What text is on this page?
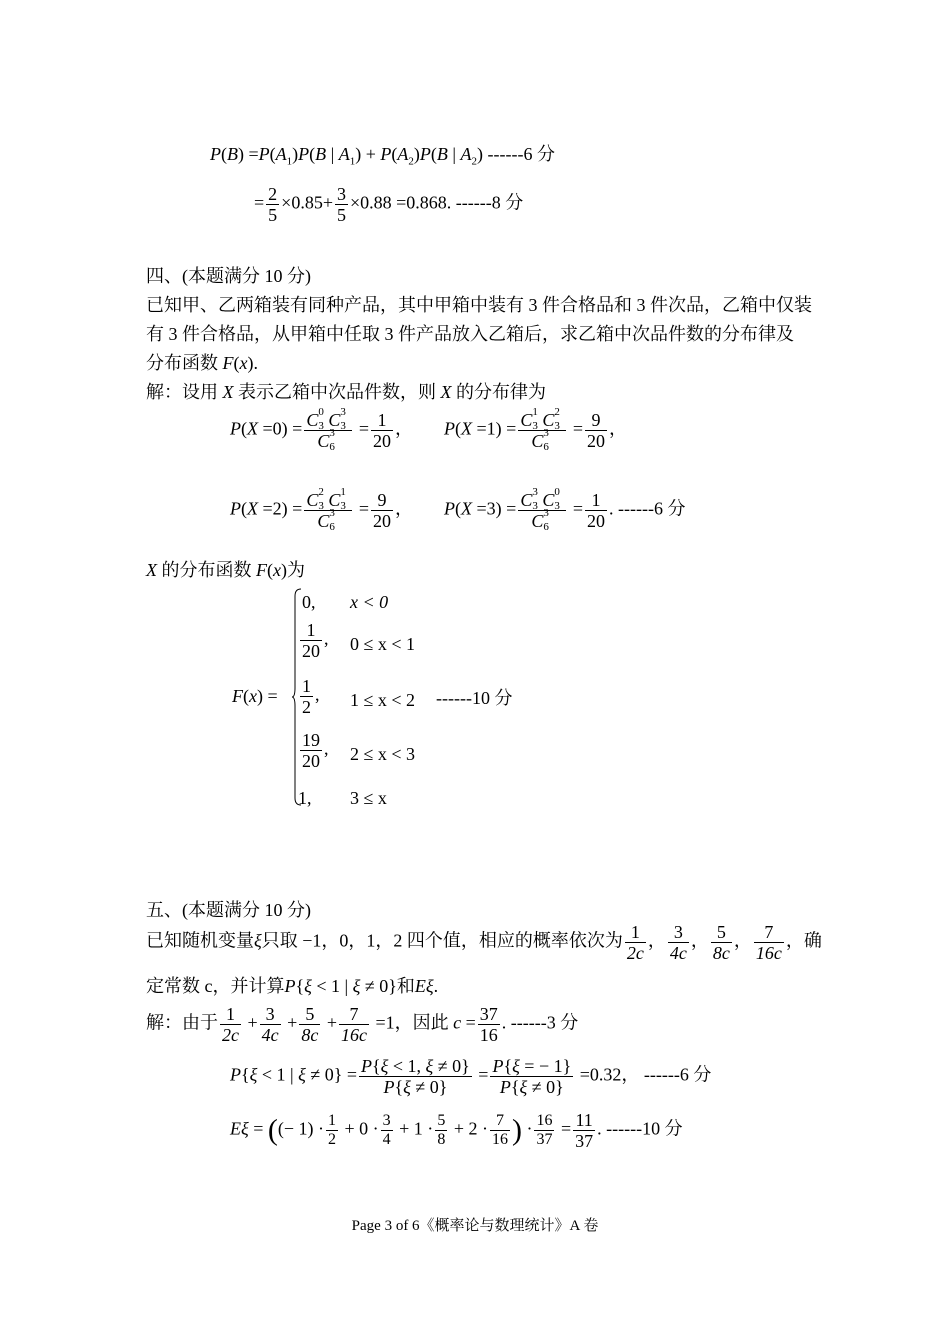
$P(B) =P(A_1)P(B$ | $A_1) + P(A_2)P(B$ | $A_2$) ------6 分
= $\frac{2}{5} \times 0.85+ \frac{3}{5} \times 0.88 =0.868$. ------8 分
四、(本题满分 10 分)
已知甲、乙两箱装有同种产品，其中甲箱中装有 3 件合格品和 3 件次品，乙箱中仅装
有 3 件合格品，从甲箱中任取 3 件产品放入乙箱后，求乙箱中次品件数的分布律及
分布函数 F(x).
解：设用 X 表示乙箱中次品件数，则 X 的分布律为
P(X =0) = C 0
3 C 3
3
C 3
$6 = \frac{1}{20}$ ， P(X =1) = C 1
3 C 2
3
C 3
$6 = \frac{9}{20}$ ，
P(X =2) = C 2
3 C 1
3
C 3
$6 = \frac{9}{20}$ ， P(X =3) = C 3
3 C 0
3
C 3
$6 = \frac{1}{20}$ . ------6 分
X 的分布函数 F(x)为
F(x) =
0, x < 0
$\frac{1}{20}$ , 0 ≤ x < 1
$\frac{1}{2}$ , 1 ≤ x < 2
$\frac{19}{20}$ , 2 ≤ x < 3
1, 3 ≤ x
------10 分
五、(本题满分 10 分)
已知随机变量ξ只取 −1，0，1，2 四个值，相应的概率依次为 $\frac{1}{2c}$ ， $\frac{3}{4c}$ ， $\frac{5}{8c}$ ， $\frac{7}{16c}$ ，确
定常数 c，并计算P{ξ < 1 | ξ ≠ 0}和Eξ.
解：由于 $\frac{1}{2c} + \frac{3}{4c} + \frac{5}{8c} + \frac{7}{16c} =1$，因此 $c = \frac{37}{16}$ . ------3 分
P{ξ < 1 | $\xi \ne 0\} = \frac{P\{\xi < 1, \xi \ne 0\}}{P\{\xi \ne 0\}} = \frac{P\{\xi = - 1\}}{P\{\xi \ne 0\}} =0.32$， ------6 分
Eξ = ((− $1) \cdot \frac{1}{2} + 0 \cdot \frac{3}{4} + 1 \cdot \frac{5}{8} + 2 \cdot \frac{7}{16}$ ) · $\frac{16}{37} = \frac{11}{37}$ . ------10 分
Page 3 of 6《概率论与数理统计》A 卷
